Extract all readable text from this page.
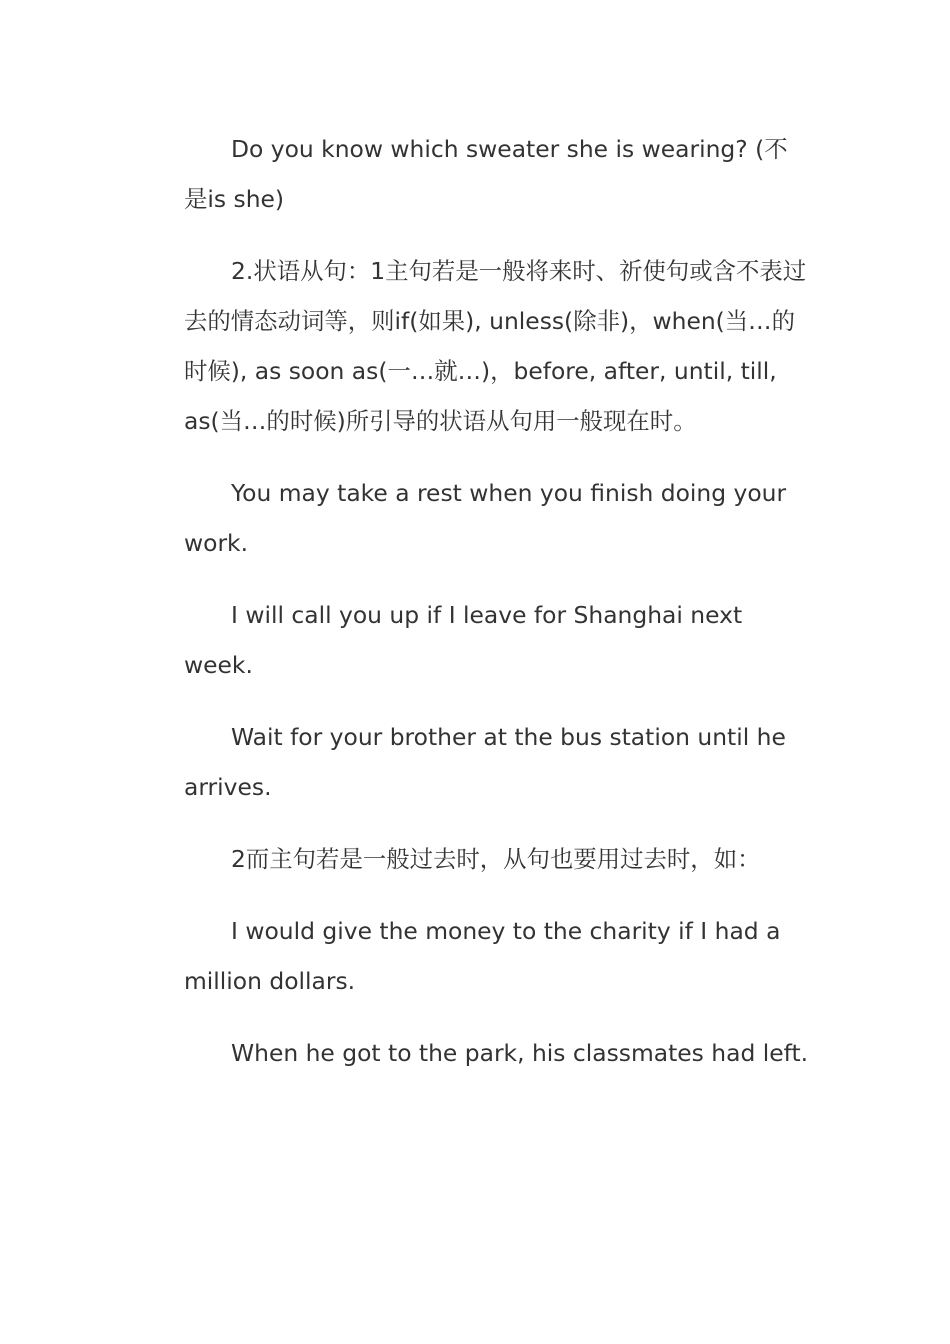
Do you know which sweater she is wearing? (不是is she)

2.状语从句：1主句若是一般将来时、祈使句或含不表过去的情态动词等，则if(如果), unless(除非)，when(当…的时候), as soon as(一…就…)，before, after, until, till, as(当…的时候)所引导的状语从句用一般现在时。

You may take a rest when you finish doing your work.

I will call you up if I leave for Shanghai next week.

Wait for your brother at the bus station until he arrives.

2而主句若是一般过去时，从句也要用过去时，如：

I would give the money to the charity if I had a million dollars.

When he got to the park, his classmates had left.
